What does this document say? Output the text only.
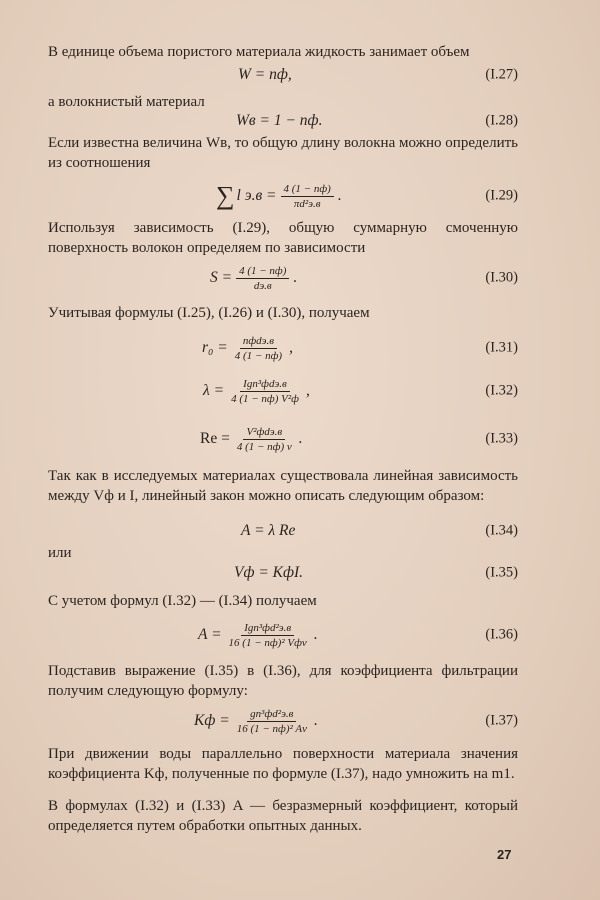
В единице объема пористого материала жидкость занимает объем

W = nф,	(I.27)

а волокнистый материал

Wв = 1 − nф.	(I.28)

Если известна величина Wв, то общую длину волокна можно определить из соотношения

∑ l $э.в = \frac{4 (1 - nф)}{\text{πd²э.в}}$ .	(I.29)

Используя зависимость (I.29), общую суммарную смоченную поверхность волокон определяем по зависимости

$S = \frac{4 (1 - nф)}{dэ.в}$ .	(I.30)

Учитывая формулы (I.25), (I.26) и (I.30), получаем

$r_0 = \frac{\text{nфdэ.в}}{4 (1 - nф)}$ ,	(I.31)
$\lambda = \frac{\text{Ign³фdэ.в}}{\text{4 (1 − nф) V²ф}}$ ,	(I.32)
$Re = \frac{\text{V²фdэ.в}}{4 (1 - nф) \nu}$ .	(I.33)

Так как в исследуемых материалах существовала линейная зависимость между Vф и I, линейный закон можно описать следующим образом:

A = λ Re	(I.34)

или

Vф = KфI.	(I.35)

С учетом формул (I.32) — (I.34) получаем

$A = \frac{\text{Ign³фd²э.в}}{\text{16 (1 − nф)² Vфν}}$ .	(I.36)

Подставив выражение (I.35) в (I.36), для коэффициента фильтрации получим следующую формулу:

Kф = $\frac{\text{gn³фd²э.в}}{\text{16 (1 − nф)² Aν}}$ .	(I.37)

При движении воды параллельно поверхности материала значения коэффициента Kф, полученные по формуле (I.37), надо умножить на m1.

В формулах (I.32) и (I.33) A — безразмерный коэффициент, который определяется путем обработки опытных данных.

27
